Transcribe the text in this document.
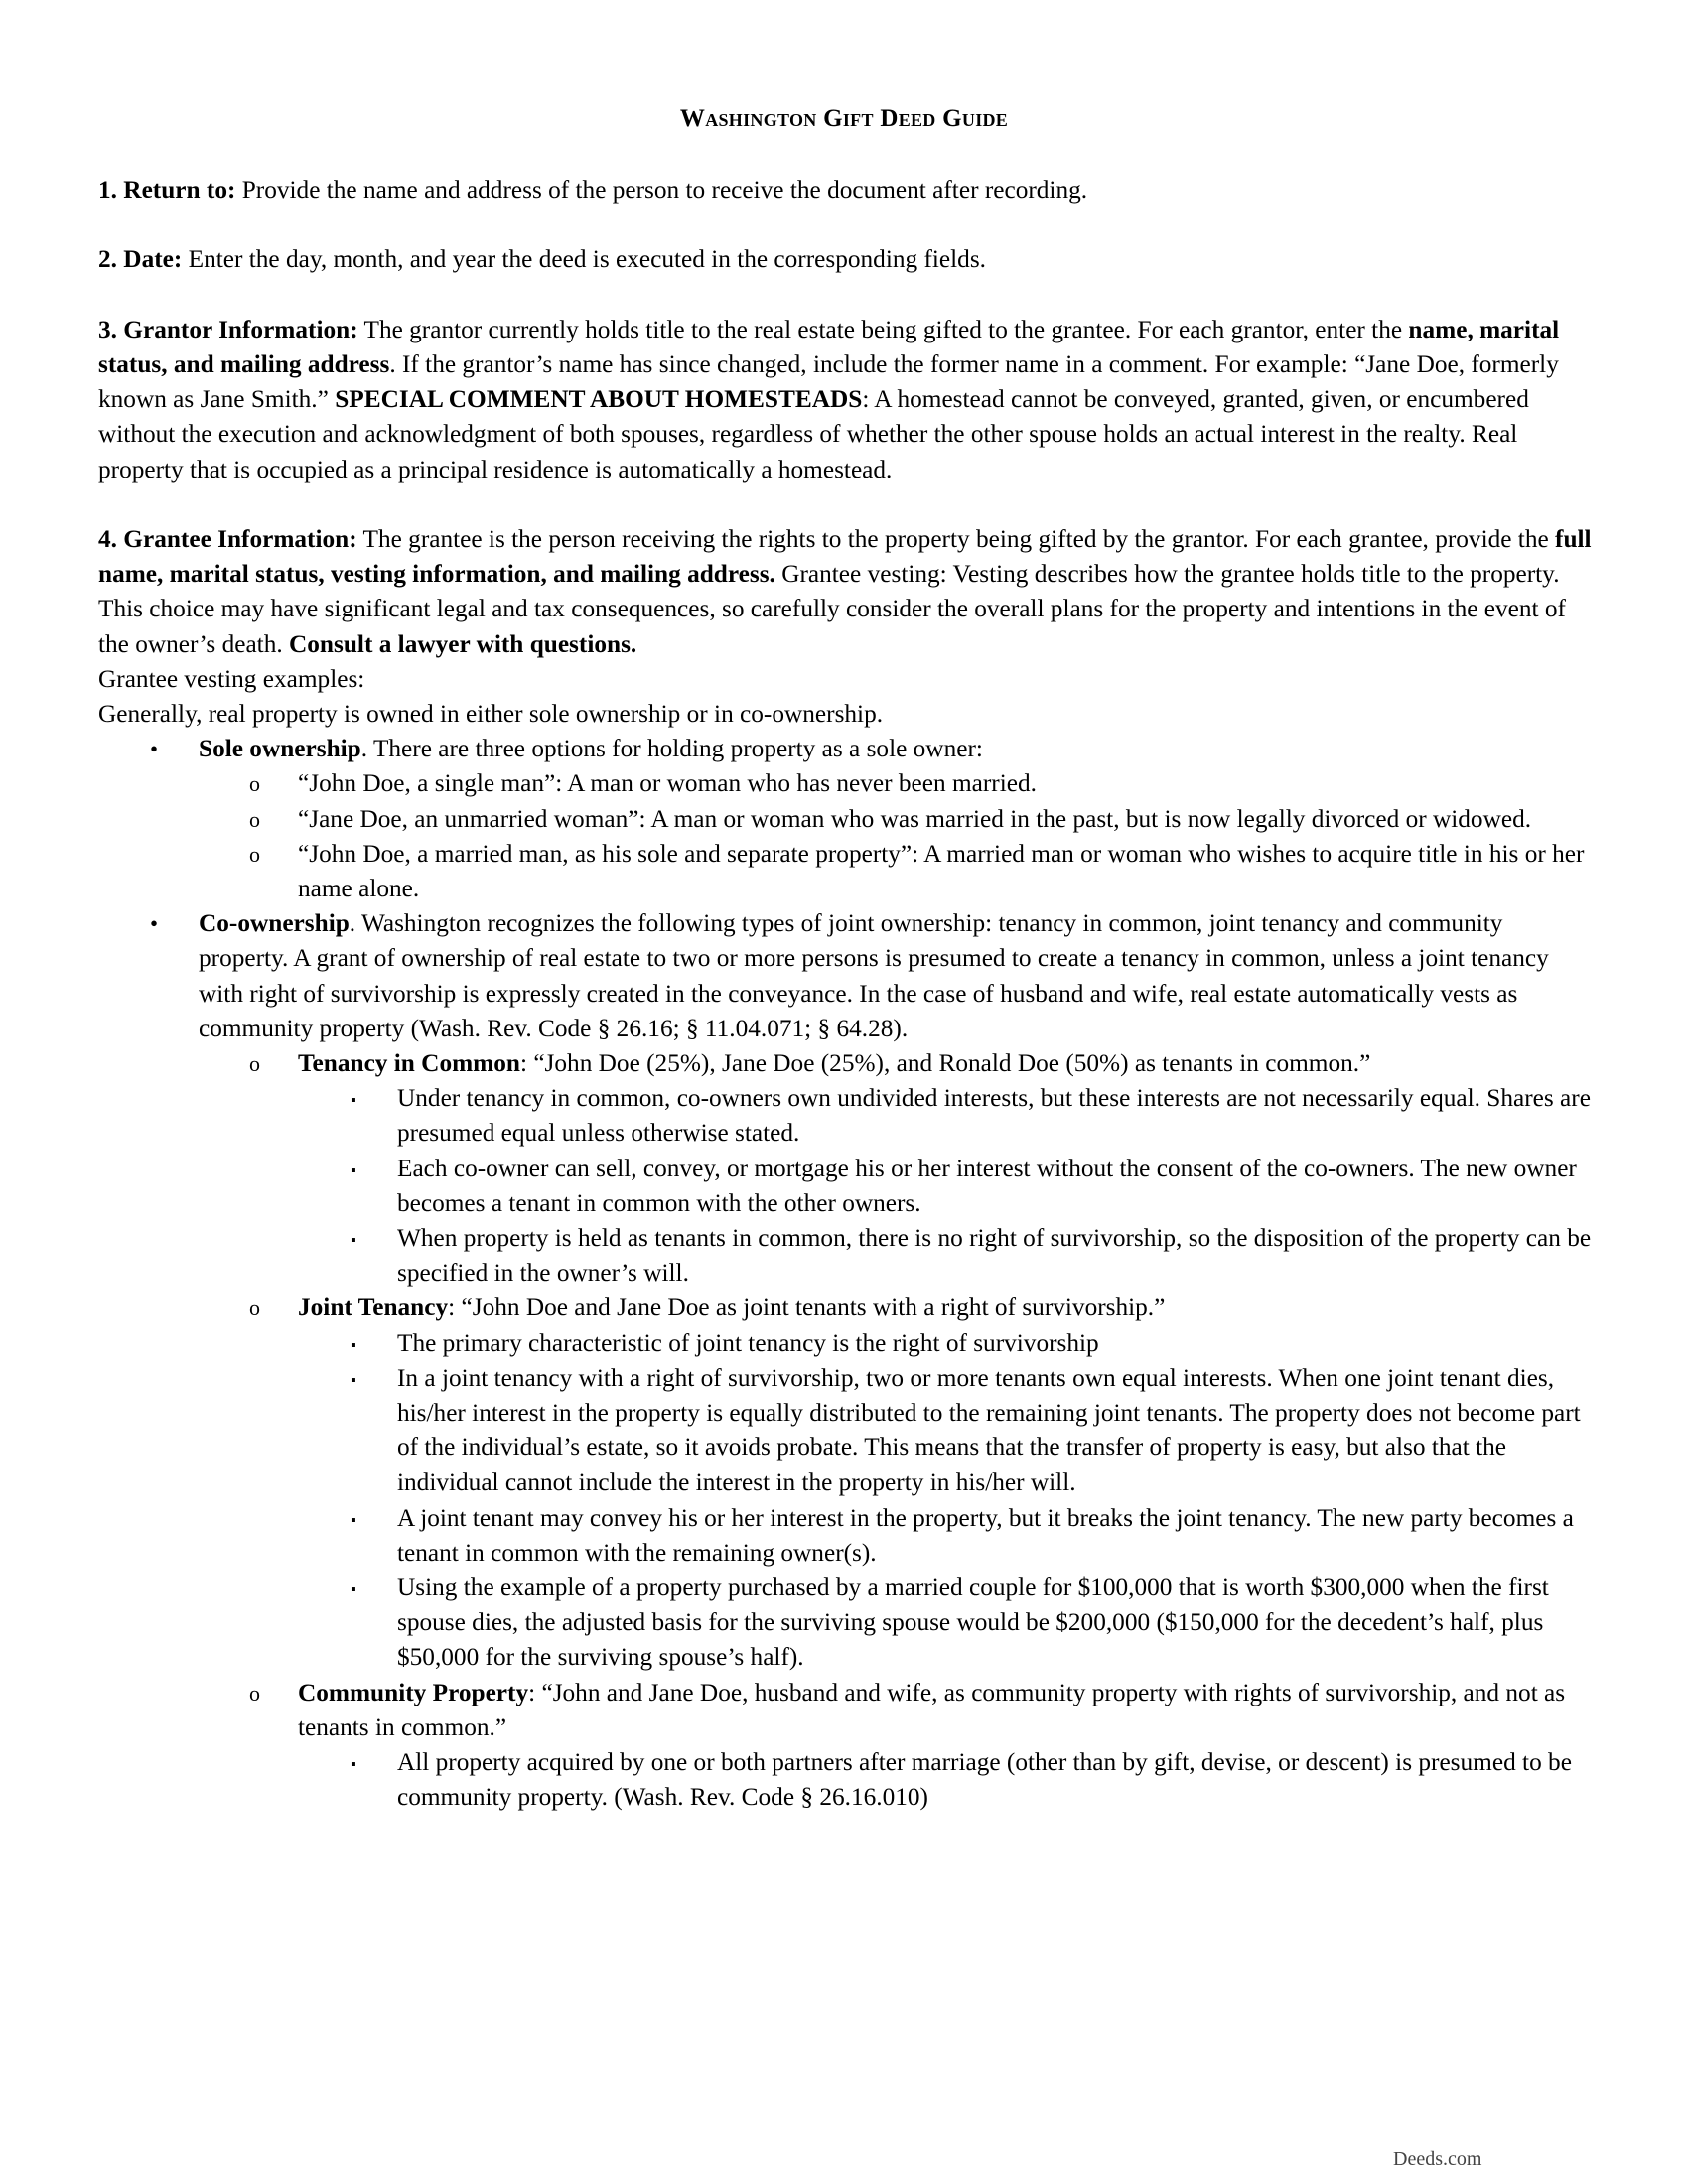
Washington Gift Deed Guide

1. Return to: Provide the name and address of the person to receive the document after recording.

2. Date: Enter the day, month, and year the deed is executed in the corresponding fields.

3. Grantor Information: The grantor currently holds title to the real estate being gifted to the grantee. For each grantor, enter the name, marital status, and mailing address. If the grantor’s name has since changed, include the former name in a comment. For example: “Jane Doe, formerly known as Jane Smith.” SPECIAL COMMENT ABOUT HOMESTEADS: A homestead cannot be conveyed, granted, given, or encumbered without the execution and acknowledgment of both spouses, regardless of whether the other spouse holds an actual interest in the realty. Real property that is occupied as a principal residence is automatically a homestead.

4. Grantee Information: The grantee is the person receiving the rights to the property being gifted by the grantor. For each grantee, provide the full name, marital status, vesting information, and mailing address. Grantee vesting: Vesting describes how the grantee holds title to the property. This choice may have significant legal and tax consequences, so carefully consider the overall plans for the property and intentions in the event of the owner’s death. Consult a lawyer with questions.

Grantee vesting examples:

Generally, real property is owned in either sole ownership or in co-ownership.

• Sole ownership. There are three options for holding property as a sole owner:
o “John Doe, a single man”: A man or woman who has never been married.
o “Jane Doe, an unmarried woman”: A man or woman who was married in the past, but is now legally divorced or widowed.
o “John Doe, a married man, as his sole and separate property”: A married man or woman who wishes to acquire title in his or her name alone.
• Co-ownership. Washington recognizes the following types of joint ownership: tenancy in common, joint tenancy and community property. A grant of ownership of real estate to two or more persons is presumed to create a tenancy in common, unless a joint tenancy with right of survivorship is expressly created in the conveyance. In the case of husband and wife, real estate automatically vests as community property (Wash. Rev. Code § 26.16; § 11.04.071; § 64.28).
o Tenancy in Common: “John Doe (25%), Jane Doe (25%), and Ronald Doe (50%) as tenants in common.”
▪ Under tenancy in common, co-owners own undivided interests, but these interests are not necessarily equal. Shares are presumed equal unless otherwise stated.
▪ Each co-owner can sell, convey, or mortgage his or her interest without the consent of the co-owners. The new owner becomes a tenant in common with the other owners.
▪ When property is held as tenants in common, there is no right of survivorship, so the disposition of the property can be specified in the owner’s will.
o Joint Tenancy: “John Doe and Jane Doe as joint tenants with a right of survivorship.”
▪ The primary characteristic of joint tenancy is the right of survivorship
▪ In a joint tenancy with a right of survivorship, two or more tenants own equal interests. When one joint tenant dies, his/her interest in the property is equally distributed to the remaining joint tenants. The property does not become part of the individual’s estate, so it avoids probate. This means that the transfer of property is easy, but also that the individual cannot include the interest in the property in his/her will.
▪ A joint tenant may convey his or her interest in the property, but it breaks the joint tenancy. The new party becomes a tenant in common with the remaining owner(s).
▪ Using the example of a property purchased by a married couple for $100,000 that is worth $300,000 when the first spouse dies, the adjusted basis for the surviving spouse would be $200,000 ($150,000 for the decedent’s half, plus $50,000 for the surviving spouse’s half).
o Community Property: “John and Jane Doe, husband and wife, as community property with rights of survivorship, and not as tenants in common.”
▪ All property acquired by one or both partners after marriage (other than by gift, devise, or descent) is presumed to be community property. (Wash. Rev. Code § 26.16.010)
Deeds.com
